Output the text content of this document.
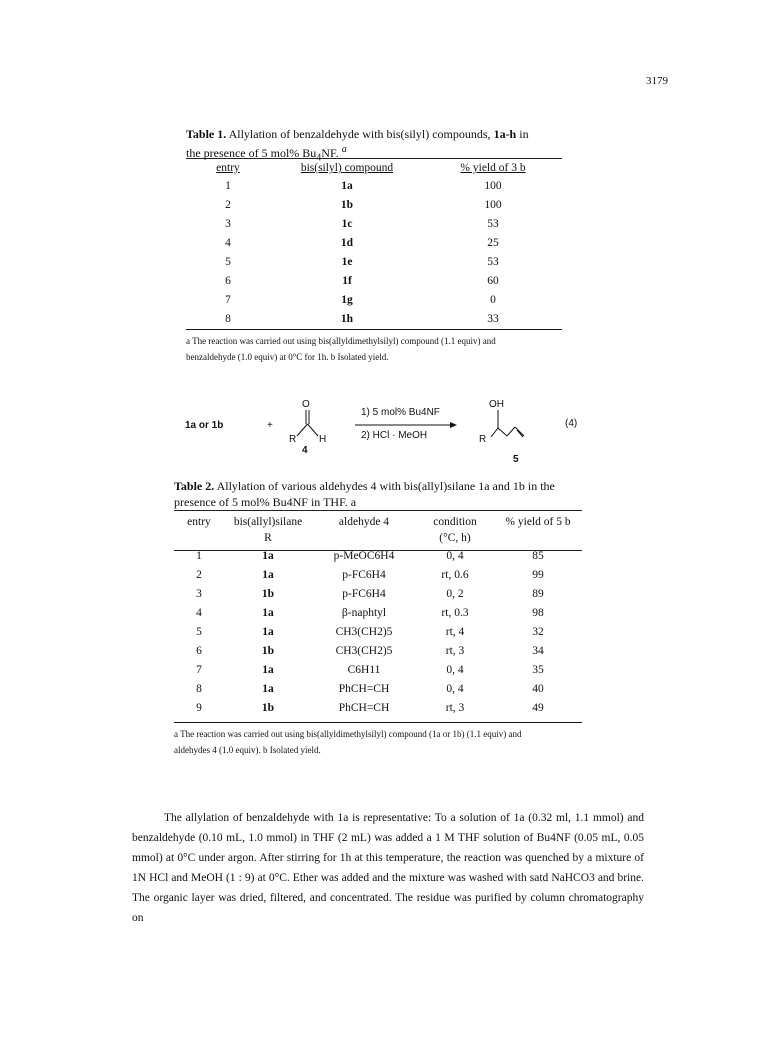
3179
Table 1. Allylation of benzaldehyde with bis(silyl) compounds, 1a-h in
the presence of 5 mol% $Bu_4NF$. $^a$
entry	bis(silyl) compound	% yield of 3 b
1	1a	100
2	1b	100
3	1c	53
4	1d	25
5	1e	53
6	1f	60
7	1g	0
8	1h	33
a The reaction was carried out using bis(allyldimethylsilyl) compound (1.1 equiv) and
benzaldehyde (1.0 equiv) at 0°C for 1h. b Isolated yield.
1a or 1b	+
O
R H
4
1) 5 mol% Bu4NF
2) HCl · MeOH
OH
R
5
(4)
Table 2. Allylation of various aldehydes 4 with bis(allyl)silane 1a and 1b in the
presence of 5 mol% Bu4NF in THF. a
entry	bis(allyl)silane	aldehyde 4	condition	% yield of 5 b
	R		(°C, h)	
1	1a	p-MeOC6H4	0, 4	85
2	1a	p-FC6H4	rt, 0.6	99
3	1b	p-FC6H4	0, 2	89
4	1a	β-naphtyl	rt, 0.3	98
5	1a	CH3(CH2)5	rt, 4	32
6	1b	CH3(CH2)5	rt, 3	34
7	1a	C6H11	0, 4	35
8	1a	PhCH=CH	0, 4	40
9	1b	PhCH=CH	rt, 3	49
a The reaction was carried out using bis(allyldimethylsilyl) compound (1a or 1b) (1.1 equiv) and
aldehydes 4 (1.0 equiv). b Isolated yield.

The allylation of benzaldehyde with 1a is representative: To a solution of 1a (0.32 ml, 1.1 mmol) and benzaldehyde (0.10 mL, 1.0 mmol) in THF (2 mL) was added a 1 M THF solution of Bu4NF (0.05 mL, 0.05 mmol) at 0°C under argon. After stirring for 1h at this temperature, the reaction was quenched by a mixture of 1N HCl and MeOH (1 : 9) at 0°C. Ether was added and the mixture was washed with satd NaHCO3 and brine. The organic layer was dried, filtered, and concentrated. The residue was purified by column chromatography on
